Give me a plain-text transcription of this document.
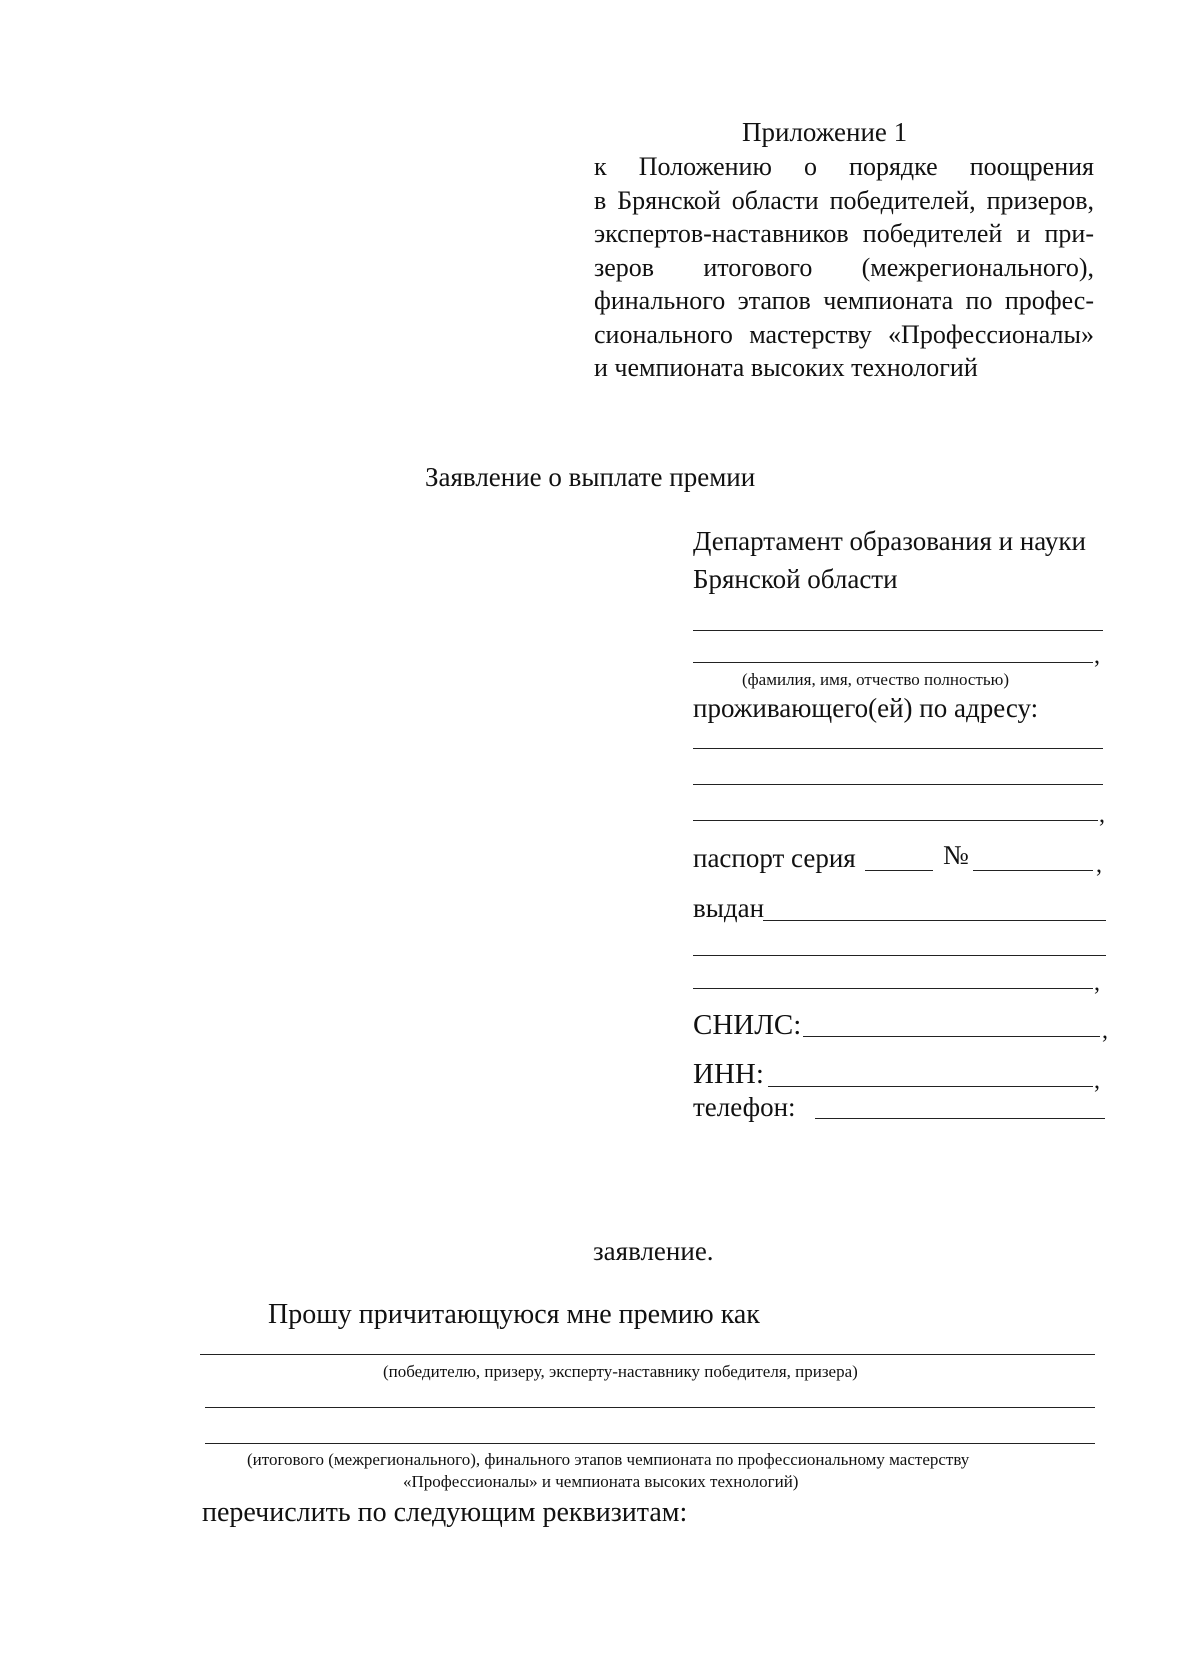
Приложение 1
к Положению о порядке поощрения
в Брянской области победителей, призеров,
экспертов-наставников победителей и при-
зеров итогового (межрегионального),
финального этапов чемпионата по профес-
сионального мастерству «Профессионалы»
и чемпионата высоких технологий
Заявление о выплате премии
Департамент образования и науки
Брянской области
,
(фамилия, имя, отчество полностью)
проживающего(ей) по адресу:
,
паспорт серия	№	,
выдан
,
СНИЛС:	,
ИНН:	,
телефон:
заявление.
Прошу причитающуюся мне премию как
(победителю, призеру, эксперту-наставнику победителя, призера)
(итогового (межрегионального), финального этапов чемпионата по профессиональному мастерству
«Профессионалы» и чемпионата высоких технологий)
перечислить по следующим реквизитам:
